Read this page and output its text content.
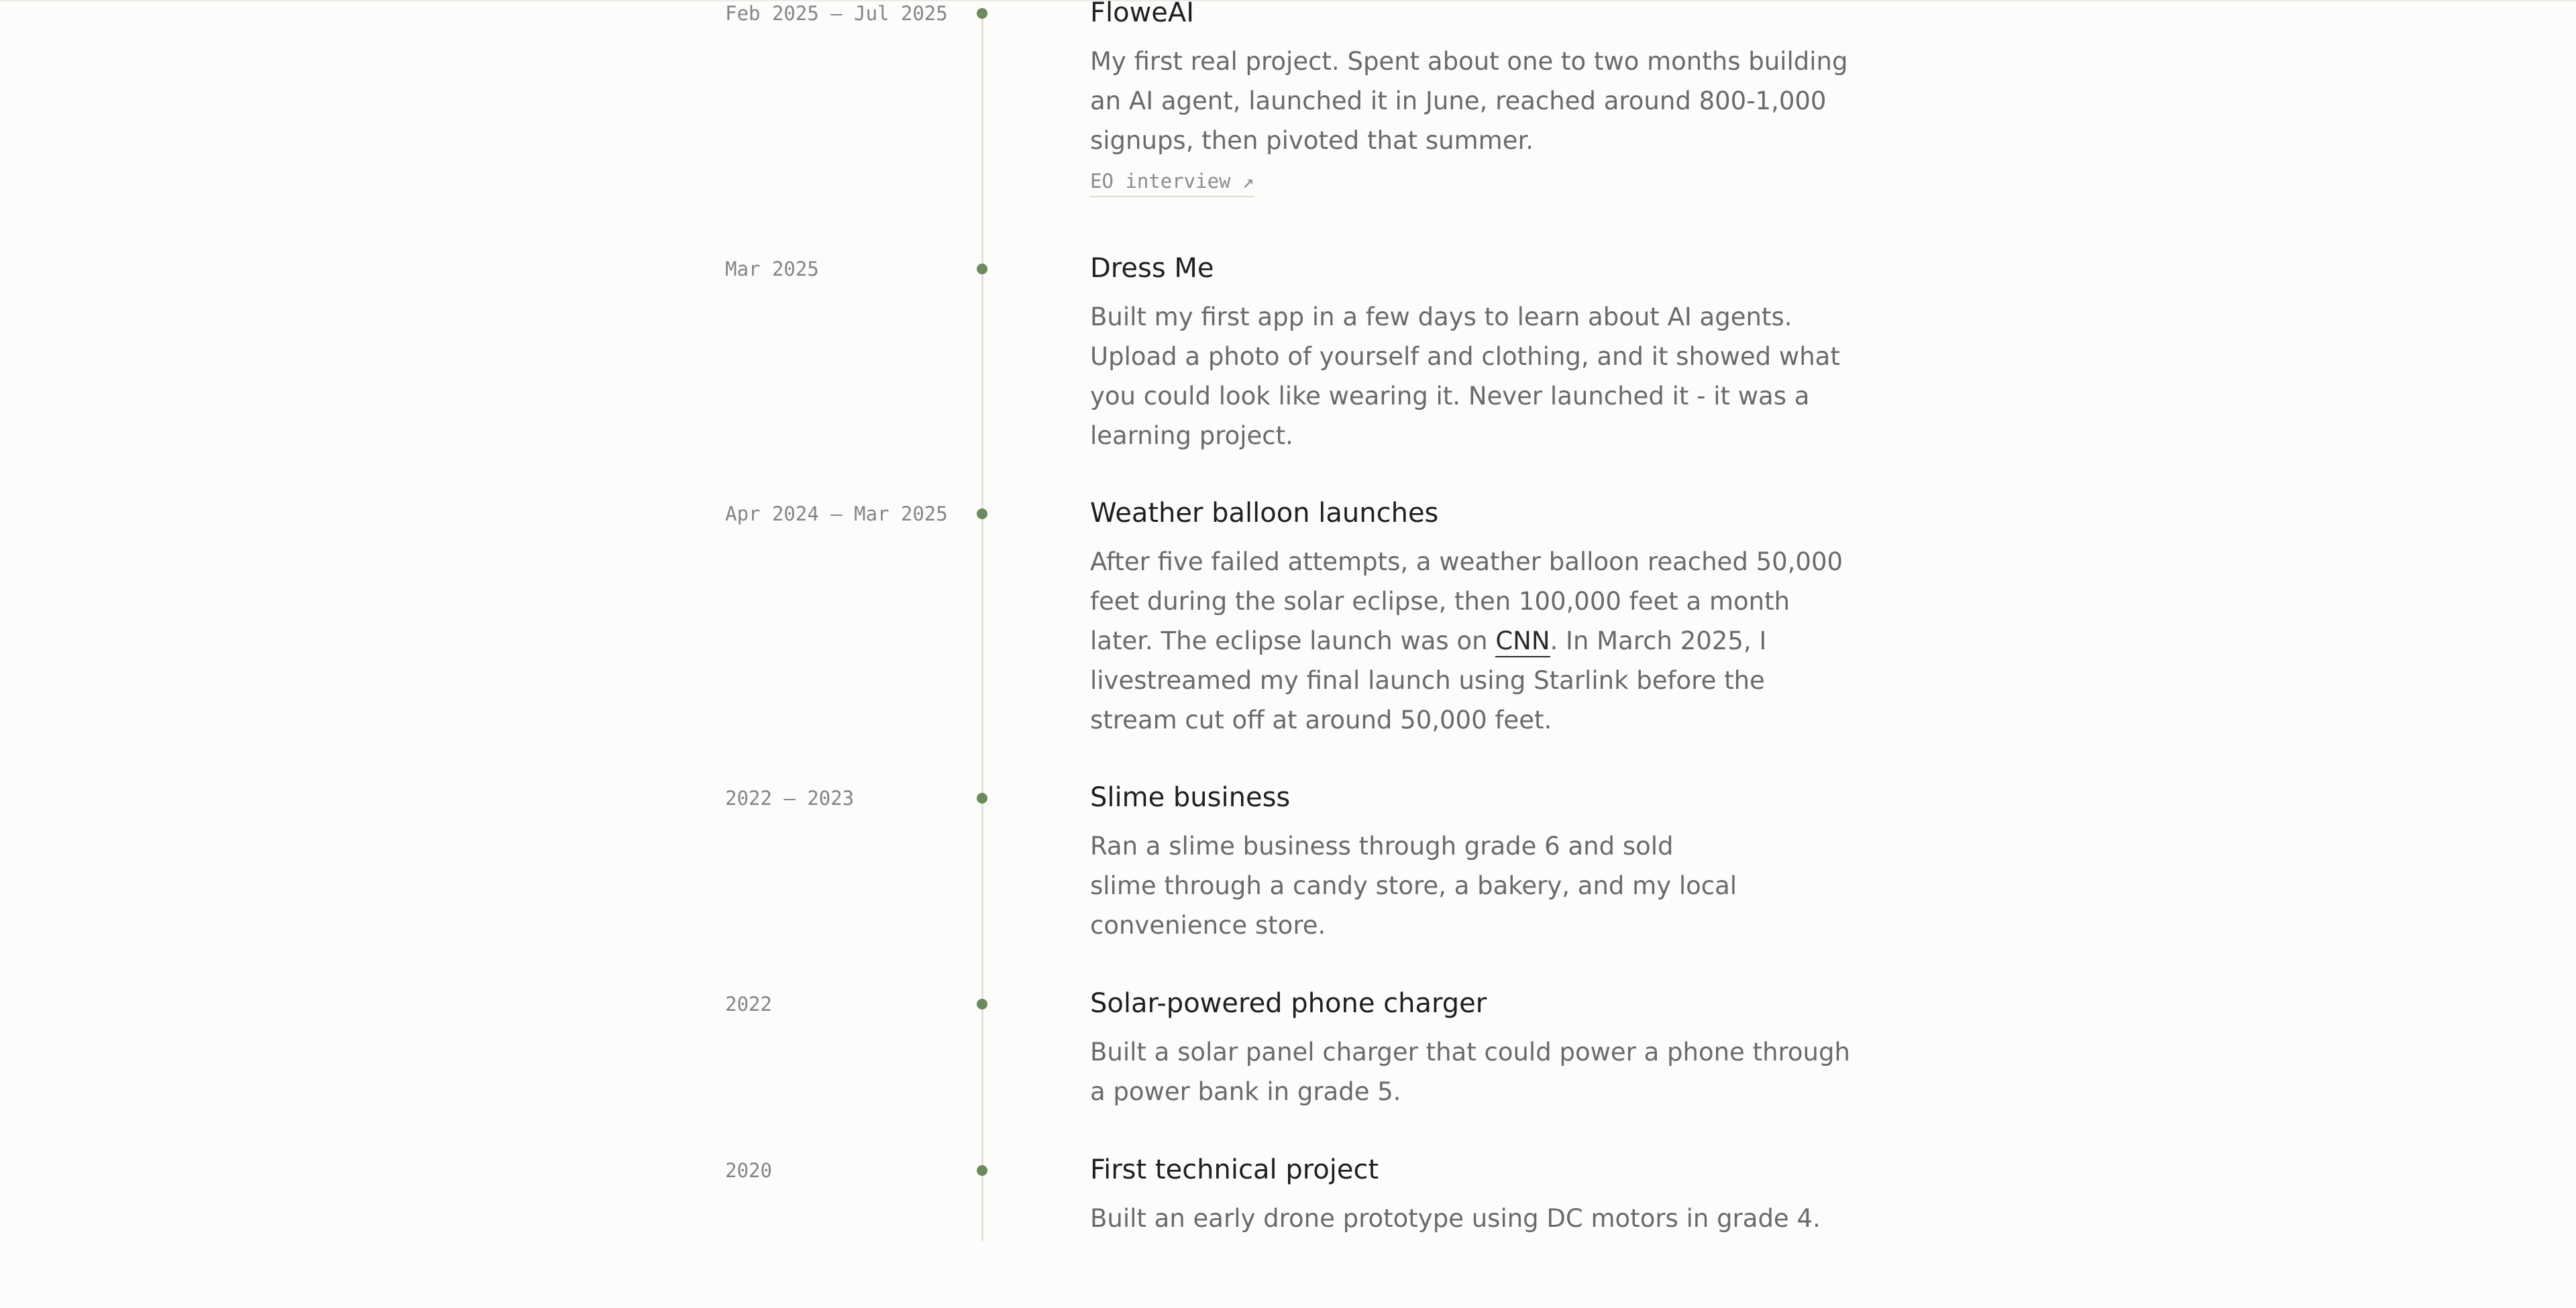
Feb 2025 – Jul 2025	FloweAI

My first real project. Spent about one to two months building
an AI agent, launched it in June, reached around 800-1,000
signups, then pivoted that summer.

EO interview ↗
Mar 2025	Dress Me

Built my first app in a few days to learn about AI agents.
Upload a photo of yourself and clothing, and it showed what
you could look like wearing it. Never launched it - it was a
learning project.

Apr 2024 – Mar 2025	Weather balloon launches

After five failed attempts, a weather balloon reached 50,000
feet during the solar eclipse, then 100,000 feet a month
later. The eclipse launch was on CNN. In March 2025, I
livestreamed my final launch using Starlink before the
stream cut off at around 50,000 feet.

2022 – 2023	Slime business

Ran a slime business through grade 6 and sold
slime through a candy store, a bakery, and my local
convenience store.

2022	Solar-powered phone charger

Built a solar panel charger that could power a phone through
a power bank in grade 5.

2020	First technical project

Built an early drone prototype using DC motors in grade 4.
